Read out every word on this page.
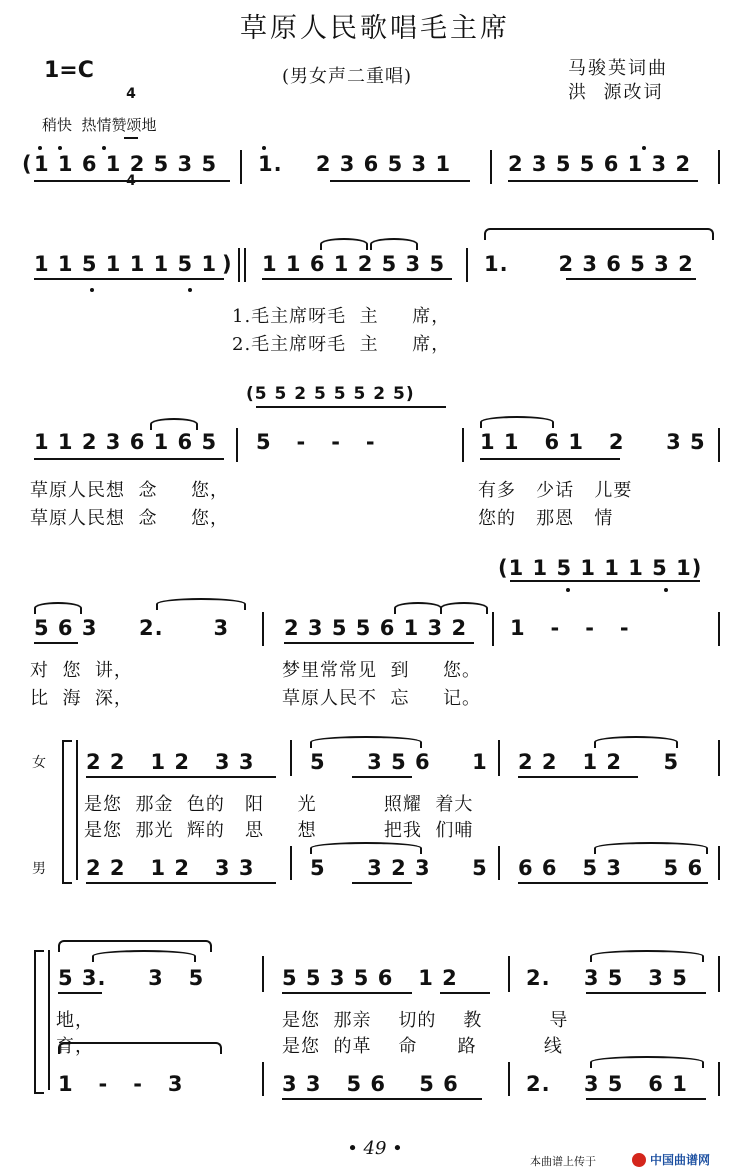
草原人民歌唱毛主席
1=C

4

(男女声二重唱)	马骏英词曲
洪  源改词
稍快  热情赞颂地
( 1 1 6 1 2 5 3 5 1.    2 3 6 5 3 1	2 3 5 5 6 1 3 2
1 1 5 1 1 1 5 1 ) 1 1 6 1 2 5 3 5 1.      2 3 6 5 3 2
1.毛主席呀毛  主     席，
2.毛主席呀毛  主     席，
(5 5 2 5 5 5 2 5)
1 1 2 3 6 1 6 5 5   -   -   -	1 1   6 1   2     3 5
草原人民想  念     您，	有多   少话   儿要
草原人民想  念     您，	您的   那恩   情
(1 1 5 1 1 1 5 1)
5 6 3     2.      3	2 3 5 5 6 1 3 2 1   -   -   -
对  您  讲，	梦里常常见  到     您。
比  海  深，	草原人民不  忘     记。
女
男
2 2   1 2   3 3	5     3 5 6     1 2 2   1 2     5
是您  那金  色的   阳     光          照耀  着大
是您  那光  辉的   思     想          把我  们哺
2 2   1 2   3 3	5     3 2 3     5 6 6   5 3     5 6
5 3.     3   5	5 5 3 5 6   1 2	2.    3 5   3 5
地，	是您  那亲    切的    教          导
育，	是您  的革    命      路          线
1   -   -   3	3 3   5 6    5 6	2.    3 5   6 1
• 49 •
本曲谱上传于	中国曲谱网
